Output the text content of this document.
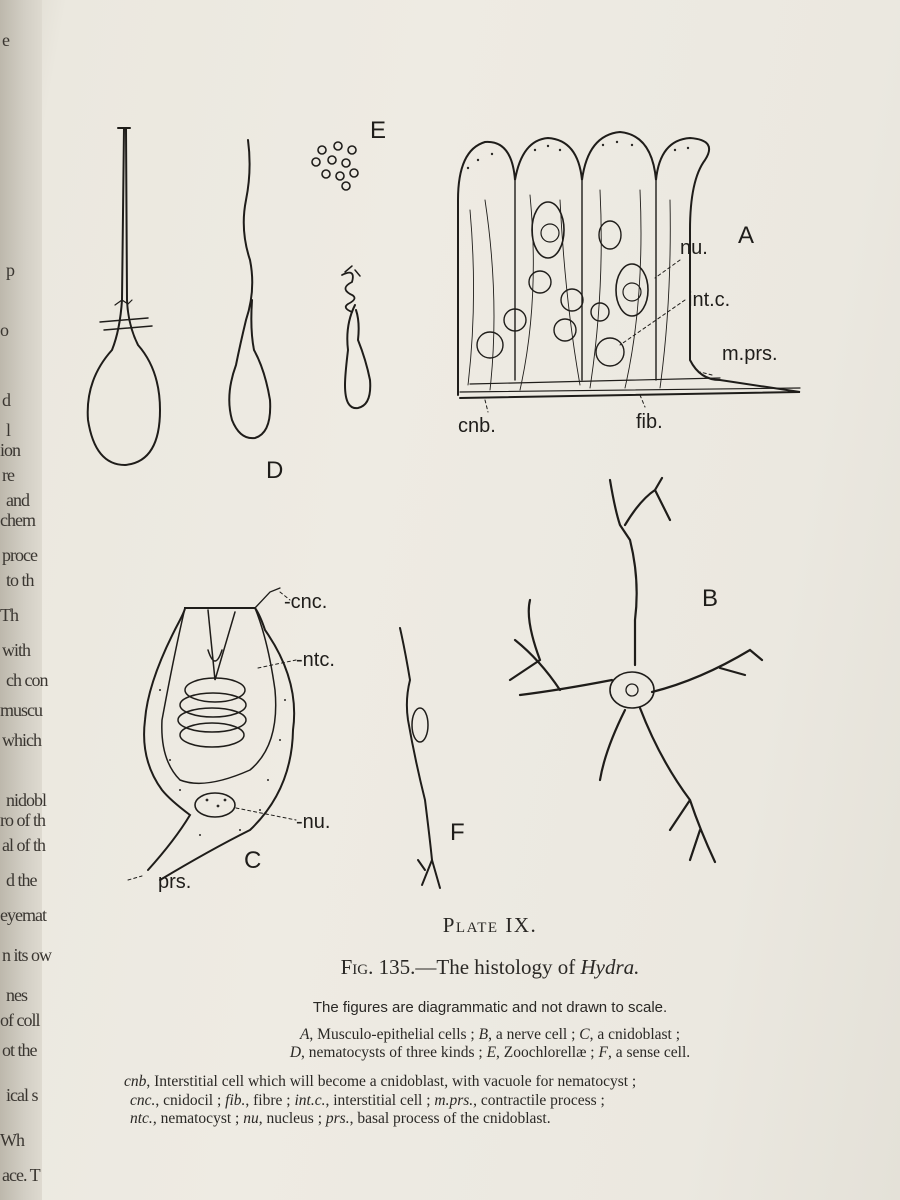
e
p
o
d
l
ion
re
and
chem
proce
to th
Th
with
ch con
muscu
which
nidobl
ro of th
al of th
d the
eyemat
n its ow
nes
of coll
ot the
ical s
Wh
ace. T
E
A
nu.
int.c.
m.prs.
cnb.	fib.
D
B
-cnc.
-ntc.
-nu.
C
prs.
F
Plate IX.
Fig. 135.—The histology of Hydra.
The figures are diagrammatic and not drawn to scale.
A, Musculo-epithelial cells ; B, a nerve cell ; C, a cnidoblast ;
D, nematocysts of three kinds ; E, Zoochlorellæ ; F, a sense cell.
cnb, Interstitial cell which will become a cnidoblast, with vacuole for nematocyst ;
cnc., cnidocil ; fib., fibre ; int.c., interstitial cell ; m.prs., contractile process ;
ntc., nematocyst ; nu, nucleus ; prs., basal process of the cnidoblast.
